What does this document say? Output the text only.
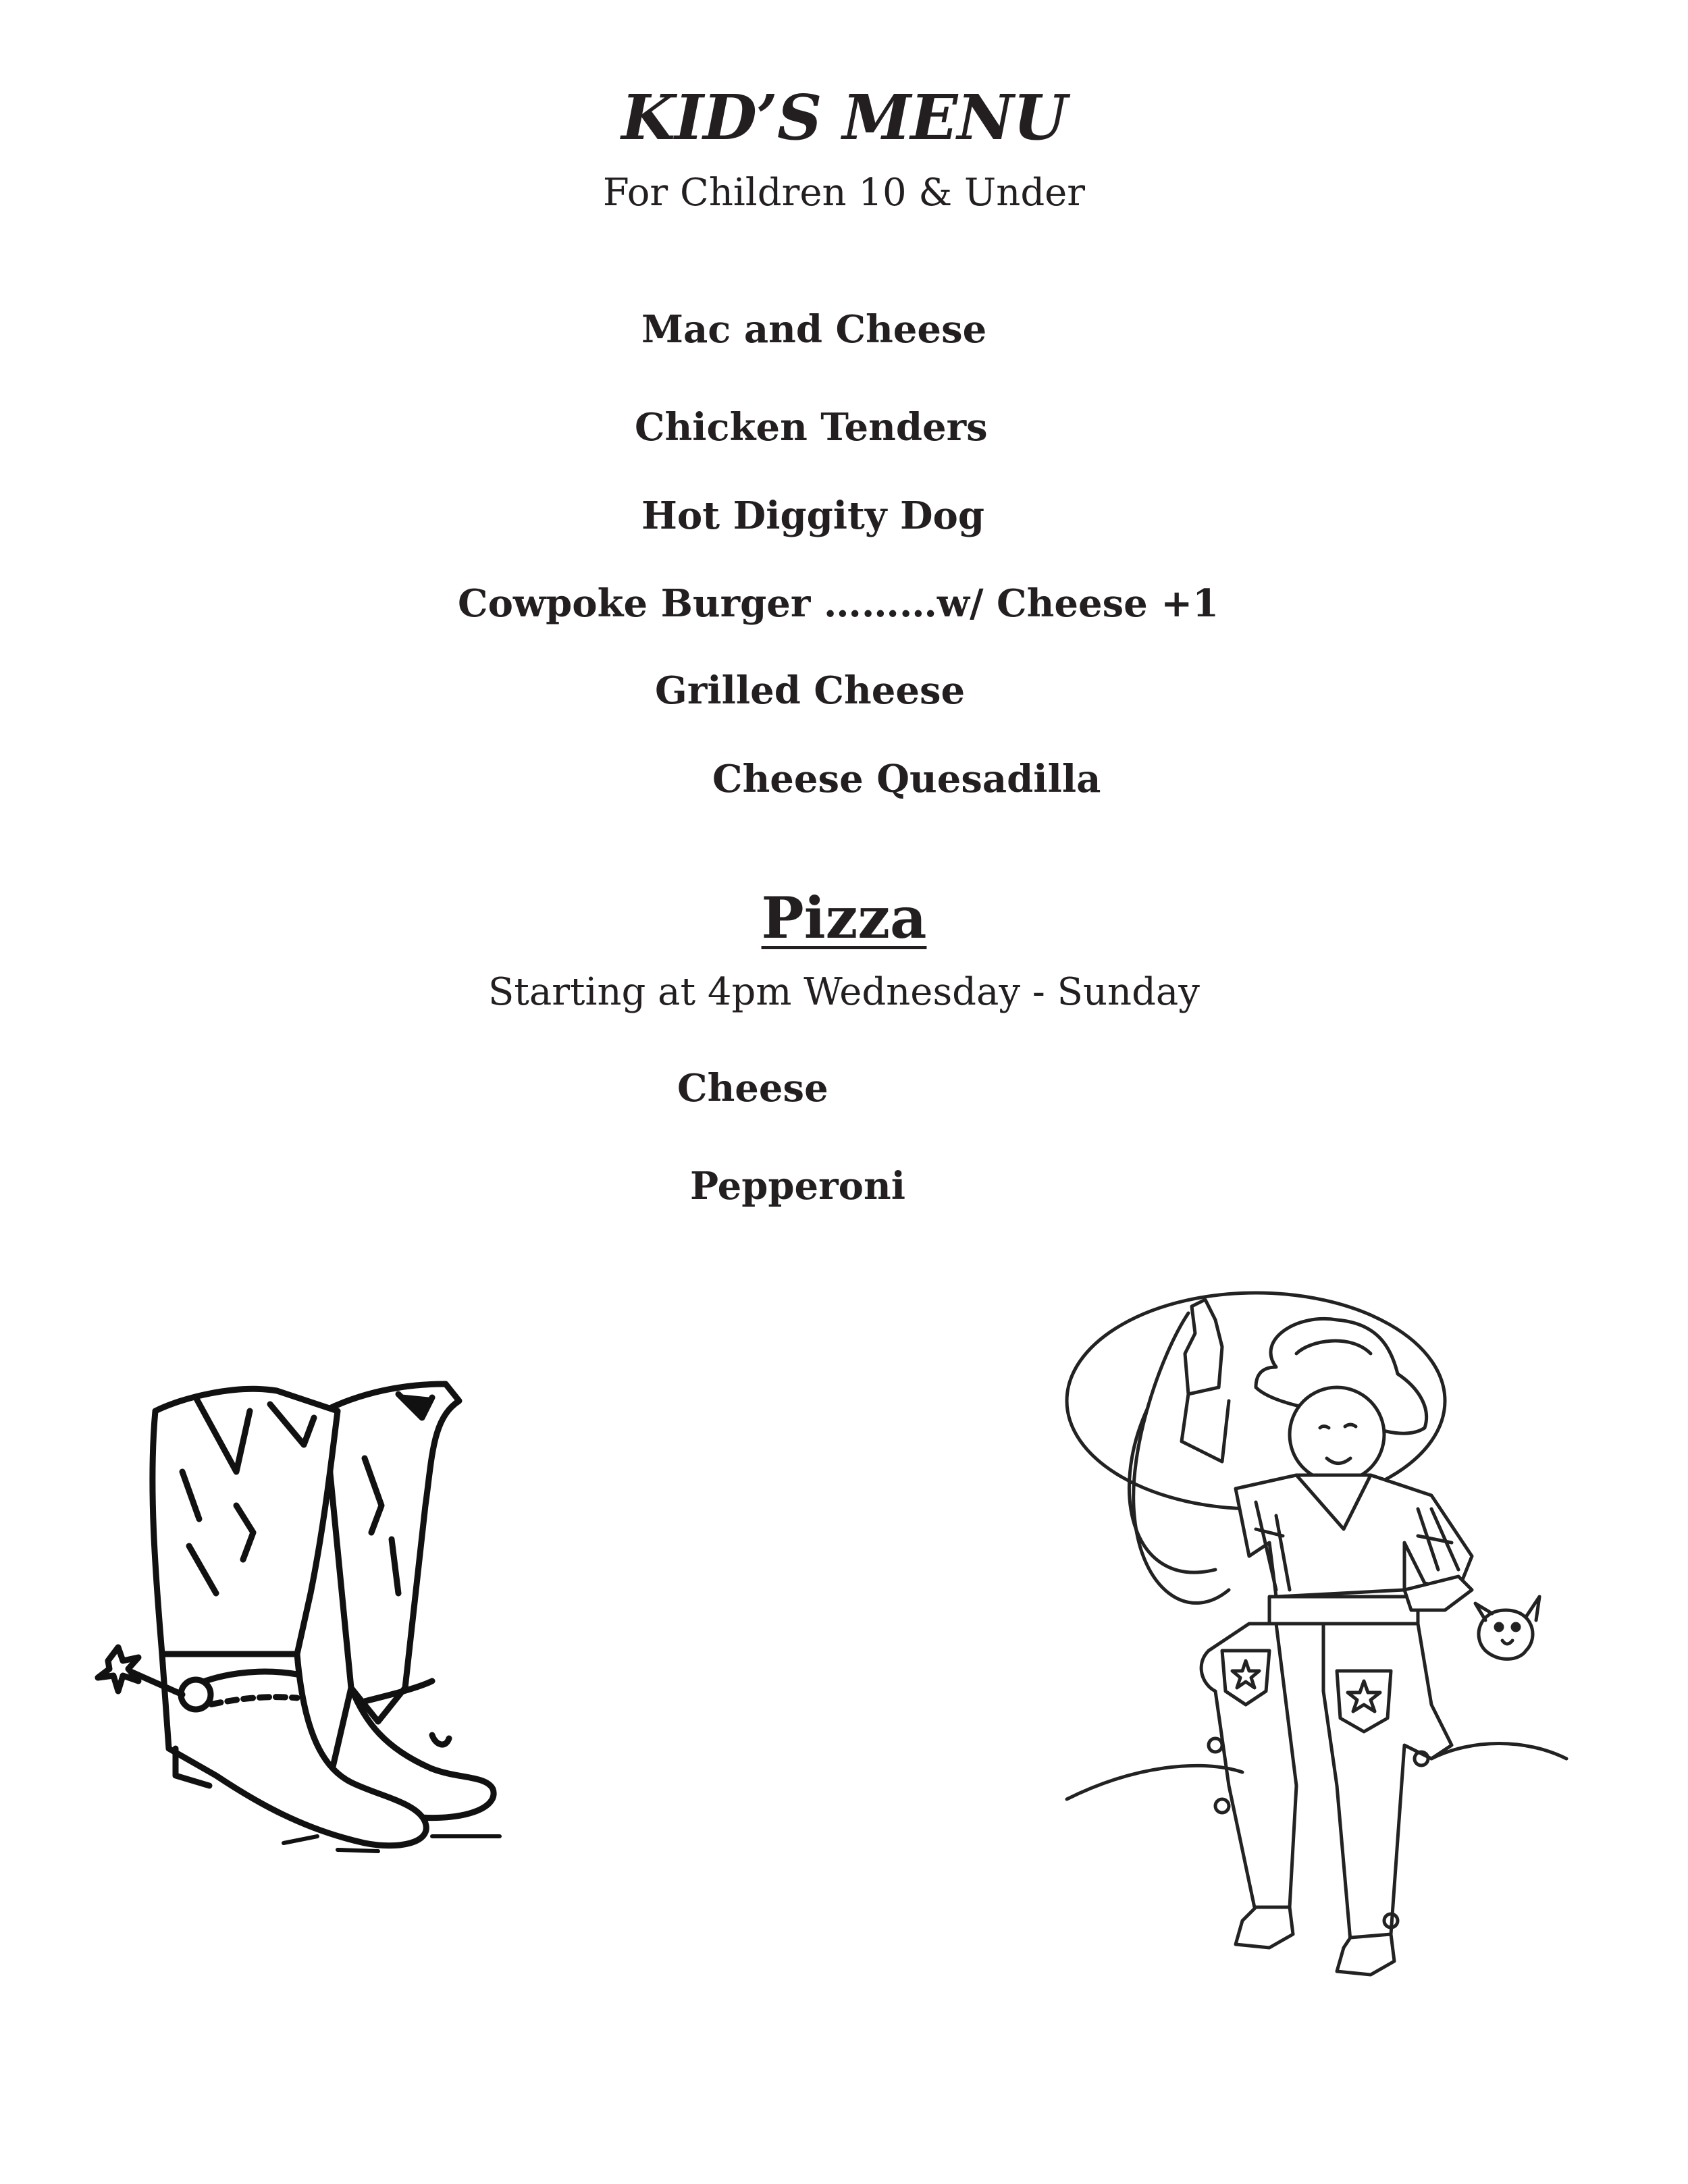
KID’S MENU
For Children 10 & Under
Mac and Cheese
Chicken Tenders
Hot Diggity Dog
Cowpoke Burger ………w/ Cheese +1
Grilled Cheese
Cheese Quesadilla
Pizza
Starting at 4pm Wednesday - Sunday
Cheese
Pepperoni
